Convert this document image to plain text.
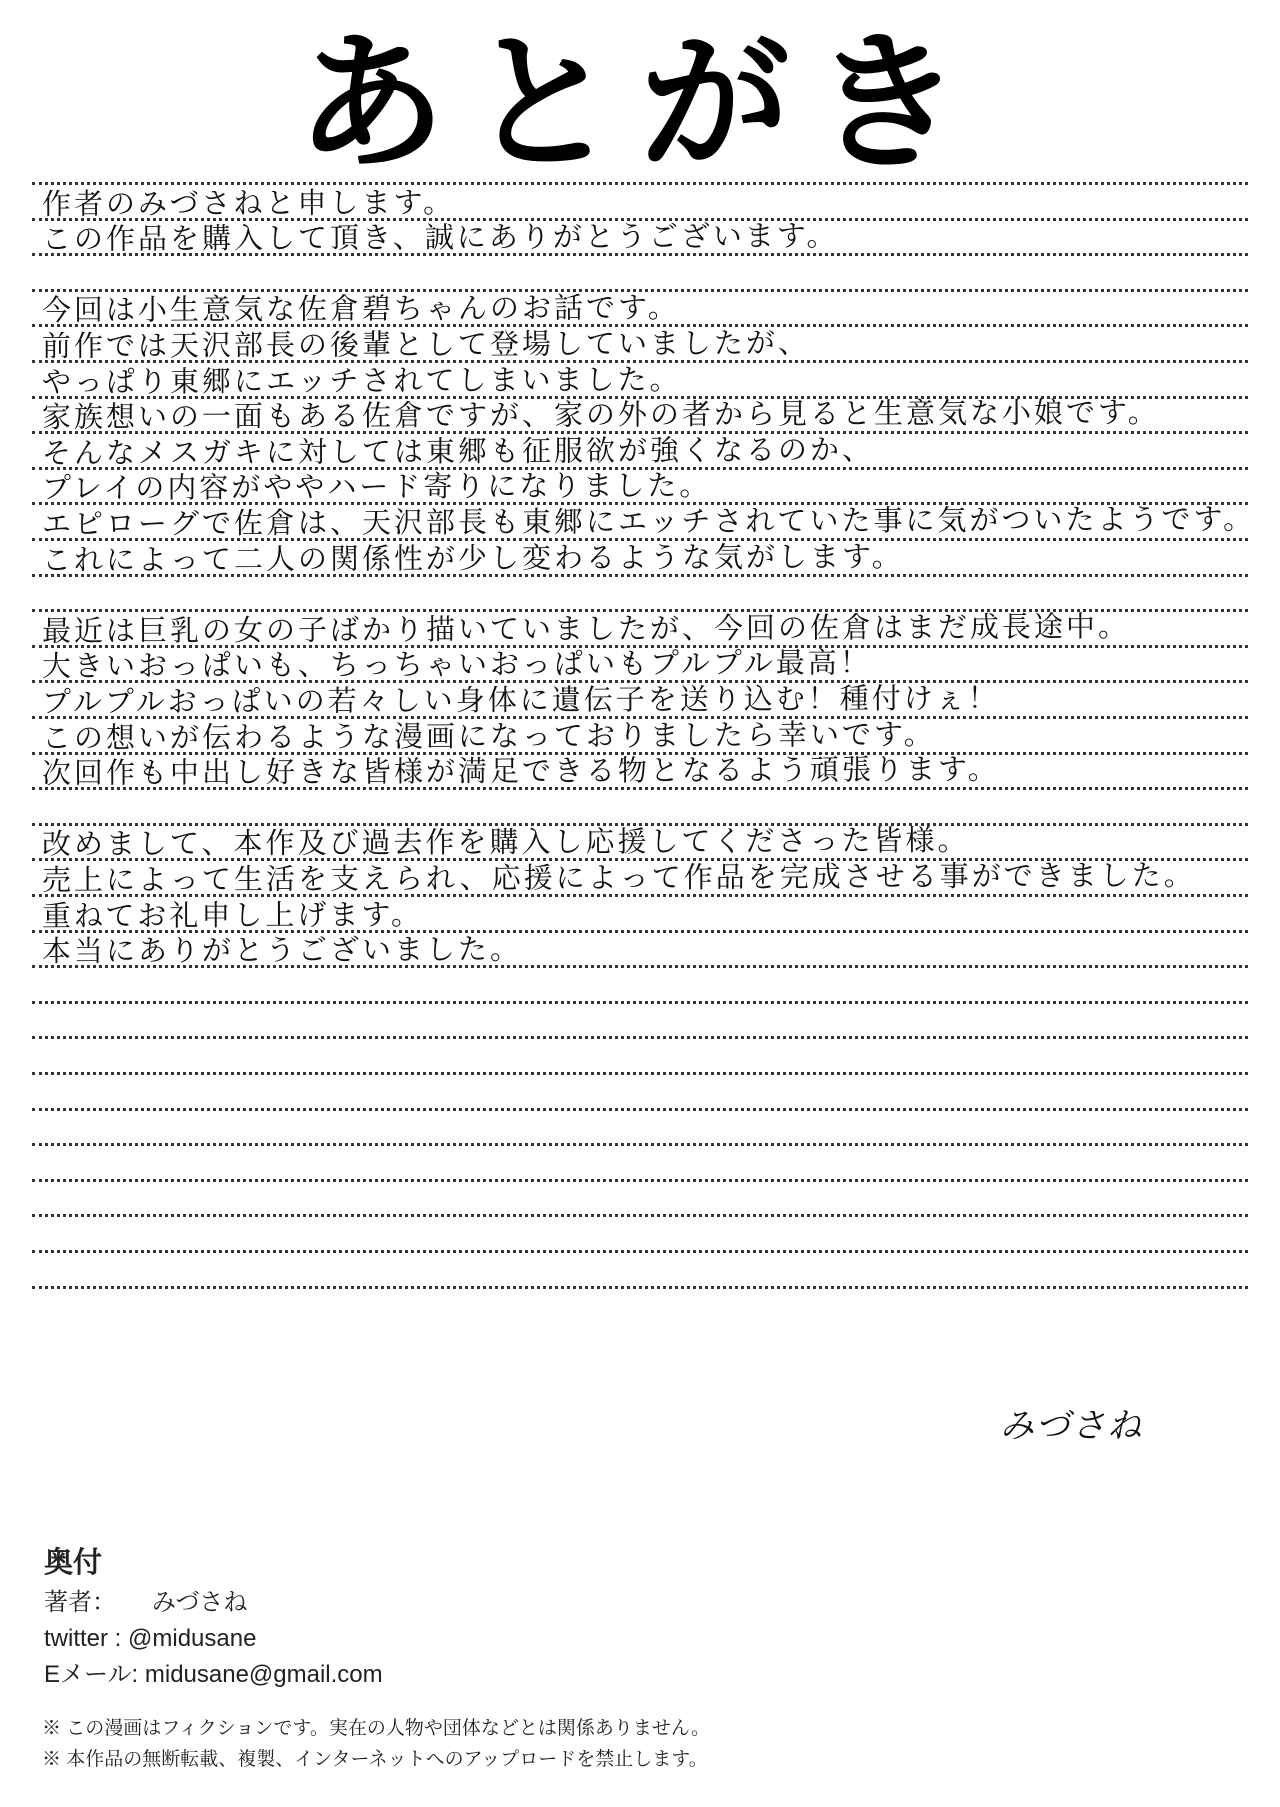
あとがき
作者のみづさねと申します。
この作品を購入して頂き、誠にありがとうございます。
今回は小生意気な佐倉碧ちゃんのお話です。
前作では天沢部長の後輩として登場していましたが、
やっぱり東郷にエッチされてしまいました。
家族想いの一面もある佐倉ですが、家の外の者から見ると生意気な小娘です。
そんなメスガキに対しては東郷も征服欲が強くなるのか、
プレイの内容がややハード寄りになりました。
エピローグで佐倉は、天沢部長も東郷にエッチされていた事に気がついたようです。
これによって二人の関係性が少し変わるような気がします。
最近は巨乳の女の子ばかり描いていましたが、今回の佐倉はまだ成長途中。
大きいおっぱいも、ちっちゃいおっぱいもプルプル最高！
プルプルおっぱいの若々しい身体に遺伝子を送り込む！種付けぇ！
この想いが伝わるような漫画になっておりましたら幸いです。
次回作も中出し好きな皆様が満足できる物となるよう頑張ります。
改めまして、本作及び過去作を購入し応援してくださった皆様。
売上によって生活を支えられ、応援によって作品を完成させる事ができました。
重ねてお礼申し上げます。
本当にありがとうございました。
みづさね
奥付
著者： みづさね
twitter : @midusane
Eメール: midusane@gmail.com
※ この漫画はフィクションです。実在の人物や団体などとは関係ありません。
※ 本作品の無断転載、複製、インターネットへのアップロードを禁止します。
